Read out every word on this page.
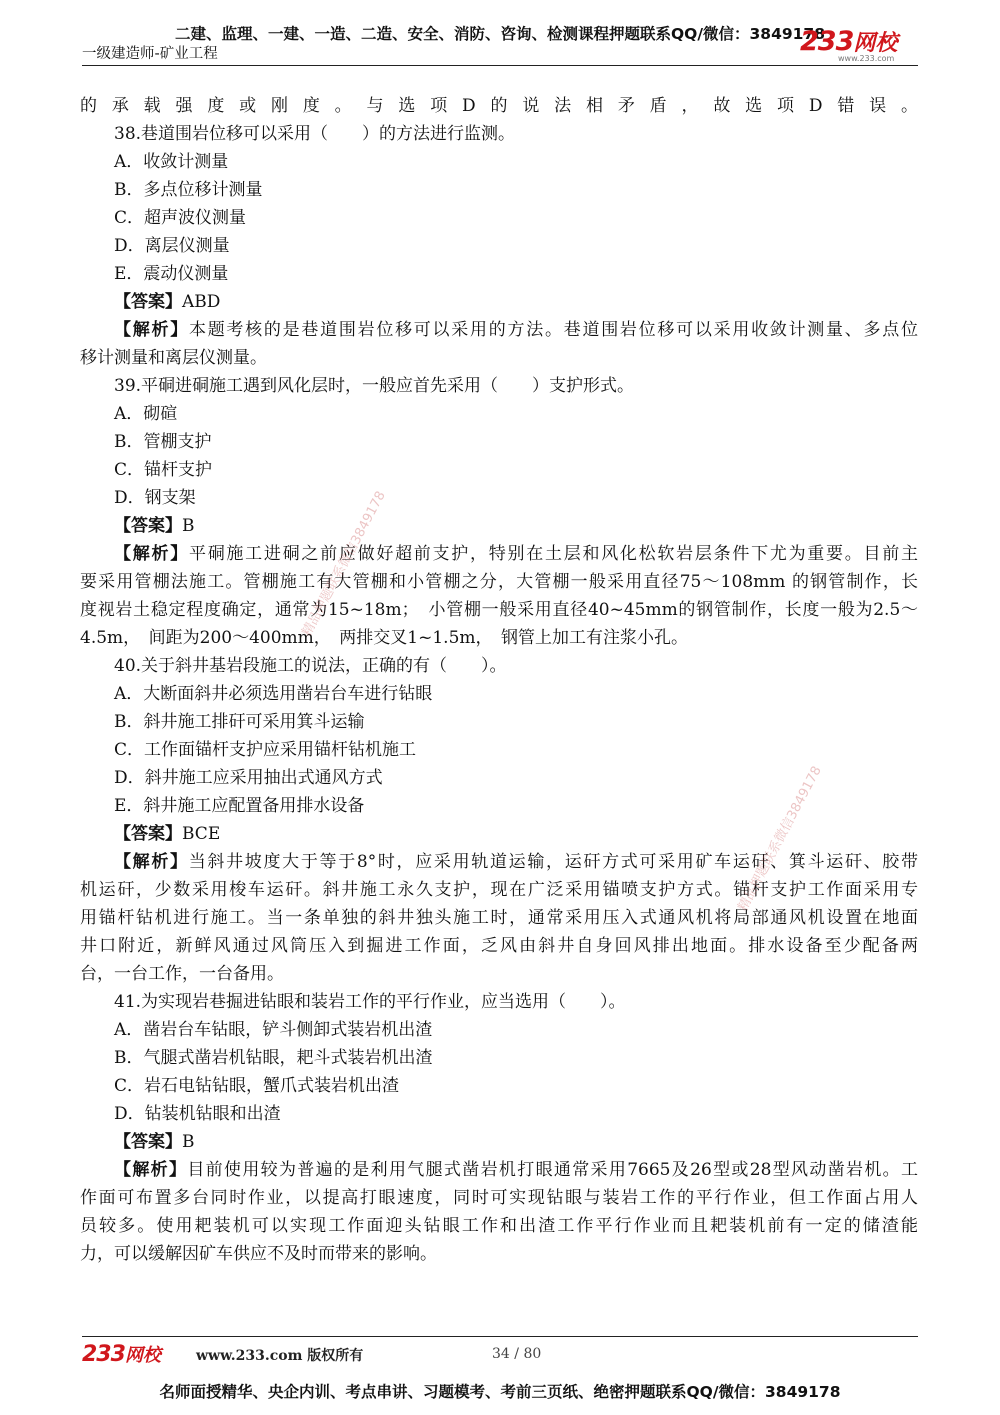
二建、监理、一建、一造、二造、安全、消防、咨询、检测课程押题联系QQ/微信：3849178
一级建造师-矿业工程	233网校
www.233.com
的承载强度或刚度。与选项D的说法相矛盾，故选项D错误。
38.巷道围岩位移可以采用（　　）的方法进行监测。
A．收敛计测量
B．多点位移计测量
C．超声波仪测量
D．离层仪测量
E．震动仪测量
【答案】ABD
【解析】本题考核的是巷道围岩位移可以采用的方法。巷道围岩位移可以采用收敛计测量、多点位
移计测量和离层仪测量。
39.平硐进硐施工遇到风化层时，一般应首先采用（　　）支护形式。
A．砌碹
B．管棚支护
C．锚杆支护
D．钢支架
【答案】B
【解析】平硐施工进硐之前应做好超前支护，特别在土层和风化松软岩层条件下尤为重要。目前主
要采用管棚法施工。管棚施工有大管棚和小管棚之分，大管棚一般采用直径75～108mm 的钢管制作，长
度视岩土稳定程度确定，通常为15~18m；　小管棚一般采用直径40~45mm的钢管制作，长度一般为2.5～
4.5m，　间距为200～400mm，　两排交叉1~1.5m，　钢管上加工有注浆小孔。
40.关于斜井基岩段施工的说法，正确的有（　　）。
A．大断面斜井必须选用凿岩台车进行钻眼
B．斜井施工排矸可采用箕斗运输
C．工作面锚杆支护应采用锚杆钻机施工
D．斜井施工应采用抽出式通风方式
E．斜井施工应配置备用排水设备
【答案】BCE
【解析】当斜井坡度大于等于8°时，应采用轨道运输，运矸方式可采用矿车运矸、箕斗运矸、胶带
机运矸，少数采用梭车运矸。斜井施工永久支护，现在广泛采用锚喷支护方式。锚杆支护工作面采用专
用锚杆钻机进行施工。当一条单独的斜井独头施工时，通常采用压入式通风机将局部通风机设置在地面
井口附近，新鲜风通过风筒压入到掘进工作面，乏风由斜井自身回风排出地面。排水设备至少配备两
台，一台工作，一台备用。
41.为实现岩巷掘进钻眼和装岩工作的平行作业，应当选用（　　）。
A．凿岩台车钻眼，铲斗侧卸式装岩机出渣
B．气腿式凿岩机钻眼，耙斗式装岩机出渣
C．岩石电钻钻眼，蟹爪式装岩机出渣
D．钻装机钻眼和出渣
【答案】B
【解析】目前使用较为普遍的是利用气腿式凿岩机打眼通常采用7665及26型或28型风动凿岩机。工
作面可布置多台同时作业，以提高打眼速度，同时可实现钻眼与装岩工作的平行作业，但工作面占用人
员较多。使用耙装机可以实现工作面迎头钻眼工作和出渣工作平行作业而且耙装机前有一定的储渣能
力，可以缓解因矿车供应不及时而带来的影响。
精品押题联系微信3849178
精品押题联系微信3849178
233网校	www.233.com 版权所有	34 / 80
名师面授精华、央企内训、考点串讲、习题模考、考前三页纸、绝密押题联系QQ/微信：3849178
